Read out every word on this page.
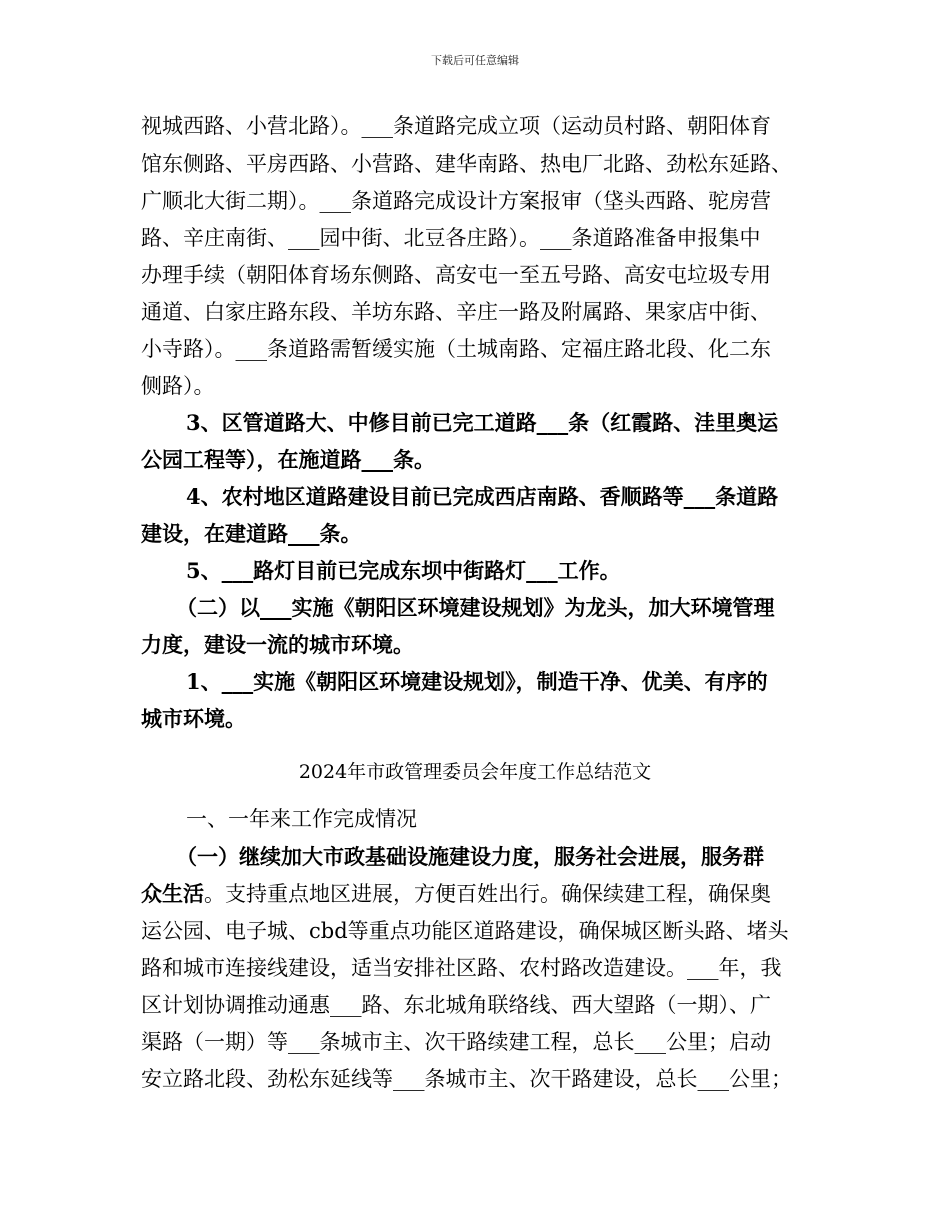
下载后可任意编辑
视城西路、小营北路）。___条道路完成立项（运动员村路、朝阳体育
馆东侧路、平房西路、小营路、建华南路、热电厂北路、劲松东延路、
广顺北大街二期）。___条道路完成设计方案报审（垡头西路、驼房营
路、辛庄南街、___园中街、北豆各庄路）。___条道路准备申报集中
办理手续（朝阳体育场东侧路、高安屯一至五号路、高安屯垃圾专用
通道、白家庄路东段、羊坊东路、辛庄一路及附属路、果家店中街、
小寺路）。___条道路需暂缓实施（土城南路、定福庄路北段、化二东
侧路）。
3、区管道路大、中修目前已完工道路___条（红霞路、洼里奥运
公园工程等），在施道路___条。
4、农村地区道路建设目前已完成西店南路、香顺路等___条道路
建设，在建道路___条。
5、___路灯目前已完成东坝中街路灯___工作。
（二）以___实施《朝阳区环境建设规划》为龙头，加大环境管理
力度，建设一流的城市环境。
1、___实施《朝阳区环境建设规划》，制造干净、优美、有序的
城市环境。
2024年市政管理委员会年度工作总结范文
一、一年来工作完成情况
（一）继续加大市政基础设施建设力度，服务社会进展，服务群
众生活。支持重点地区进展，方便百姓出行。确保续建工程，确保奥
运公园、电子城、cbd等重点功能区道路建设，确保城区断头路、堵头
路和城市连接线建设，适当安排社区路、农村路改造建设。___年，我
区计划协调推动通惠___路、东北城角联络线、西大望路（一期）、广
渠路（一期）等___条城市主、次干路续建工程，总长___公里；启动
安立路北段、劲松东延线等___条城市主、次干路建设，总长___公里；
